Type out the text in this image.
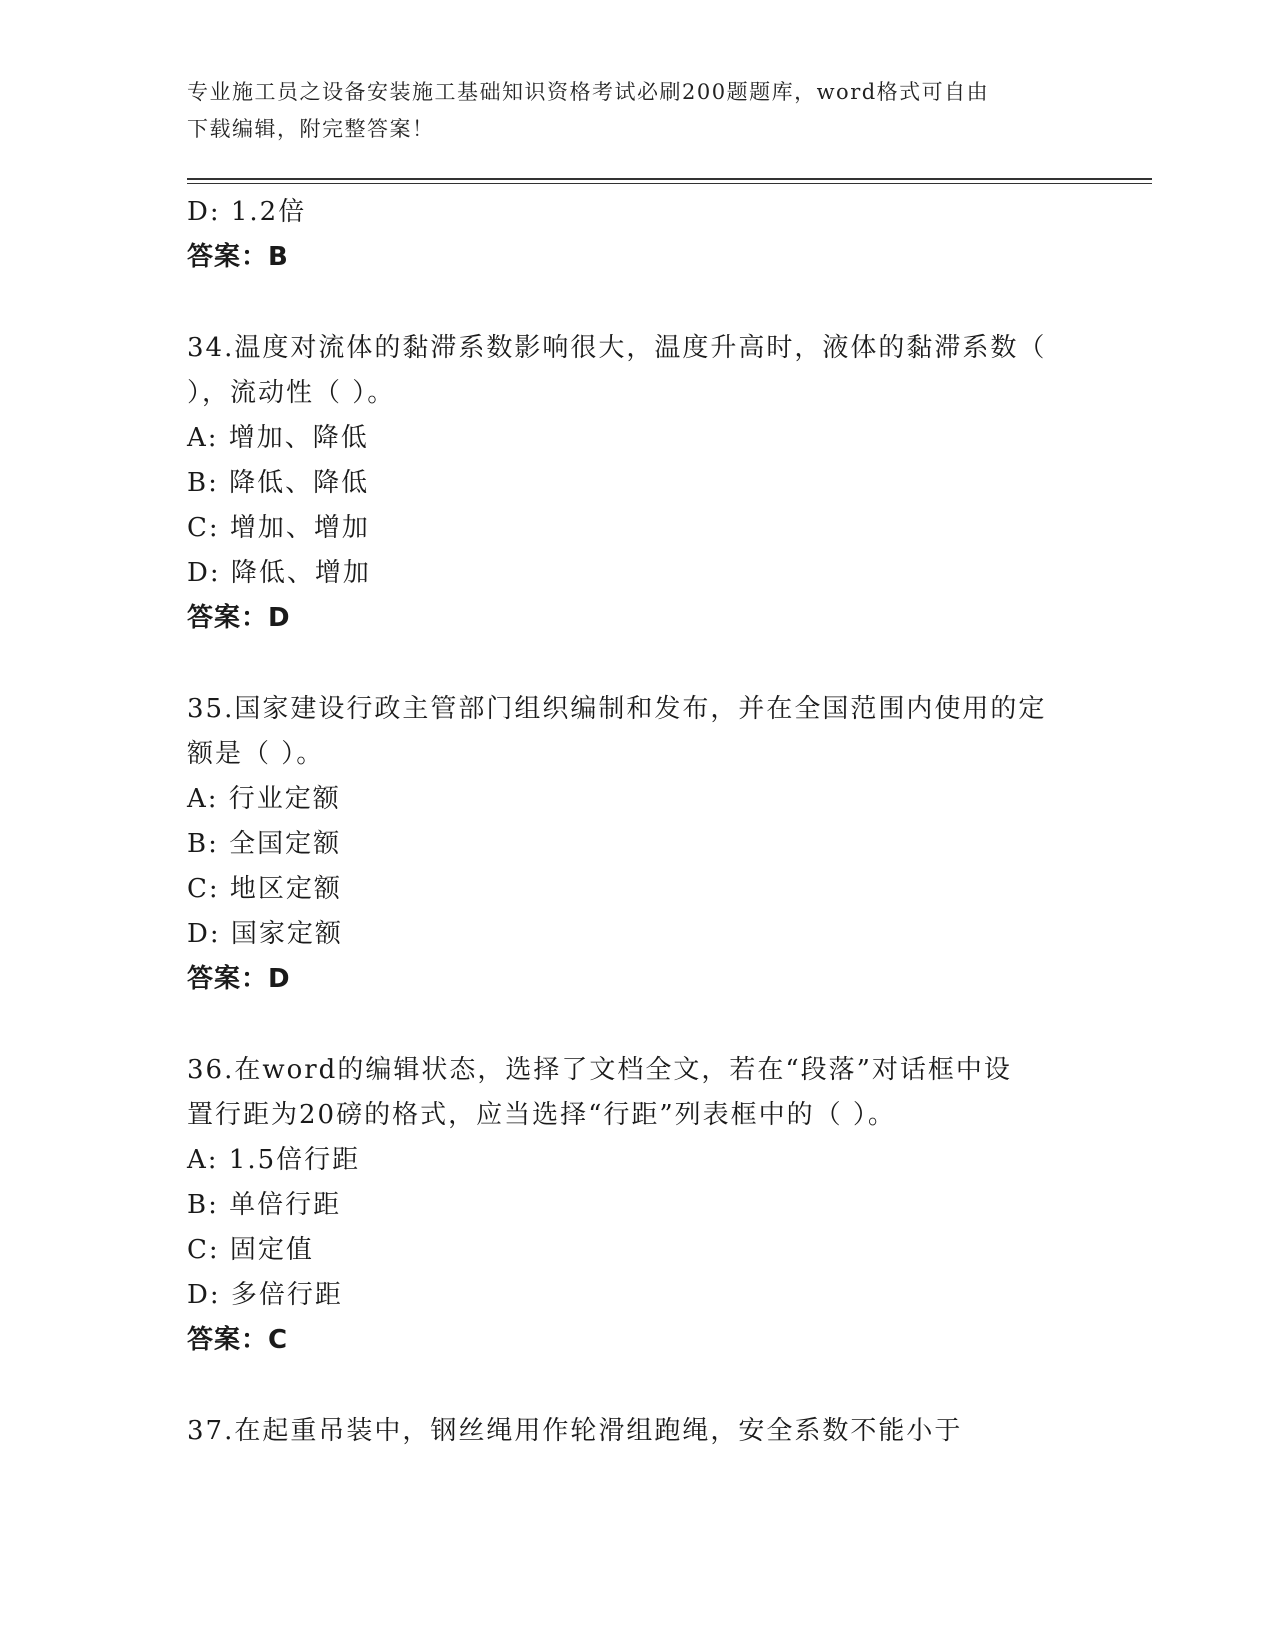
专业施工员之设备安装施工基础知识资格考试必刷200题题库，word格式可自由
下载编辑，附完整答案！
D: 1.2倍
答案：B
34.温度对流体的黏滞系数影响很大，温度升高时，液体的黏滞系数（
），流动性（ ）。
A: 增加、降低
B: 降低、降低
C: 增加、增加
D: 降低、增加
答案：D
35.国家建设行政主管部门组织编制和发布，并在全国范围内使用的定
额是（ ）。
A: 行业定额
B: 全国定额
C: 地区定额
D: 国家定额
答案：D
36.在word的编辑状态，选择了文档全文，若在“段落”对话框中设
置行距为20磅的格式，应当选择“行距”列表框中的（ ）。
A: 1.5倍行距
B: 单倍行距
C: 固定值
D: 多倍行距
答案：C
37.在起重吊装中，钢丝绳用作轮滑组跑绳，安全系数不能小于
